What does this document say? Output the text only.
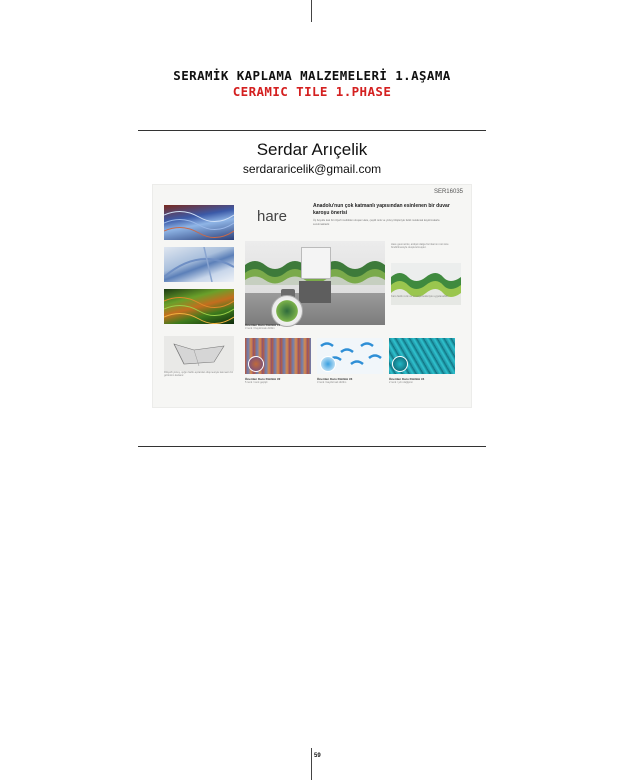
SERAMİK KAPLAMA MALZEMELERİ 1.AŞAMA
CERAMIC TILE 1.PHASE
Serdar Arıçelik
serdararicelik@gmail.com
SER16035
hare
Anadolu'nun çok katmanlı yapısından esinlenen bir duvar karoşu önerisi
Üç boyutlu katı bir rölyefi modülden oluşan Hare, çeşitli renk ve yüzey bitişleriyle farklı mekânsal kaydırmalarla sunulmaktadır.
Rölyefli yüzey, ışığın farklı açılardan düşmesiyle katmanlı bir görünüm kazanır.
Önerilen Karo Dizilimi #1
3 renk / Kaydırmalı dizilim
Hare geometrisi, ardışık dalga formlarının üst üste bindirilmesiyle oluşturulmuştur.
Karo farklı renk ve sır seçenekleriyle uygulanabilir.
Önerilen Karo Dizilimi #2
5 renk / renk geçişli
Önerilen Karo Dizilimi #3
3 renk / kaydırmalı dizilim
Önerilen Karo Dizilimi #4
2 renk / yön değişimi
59
